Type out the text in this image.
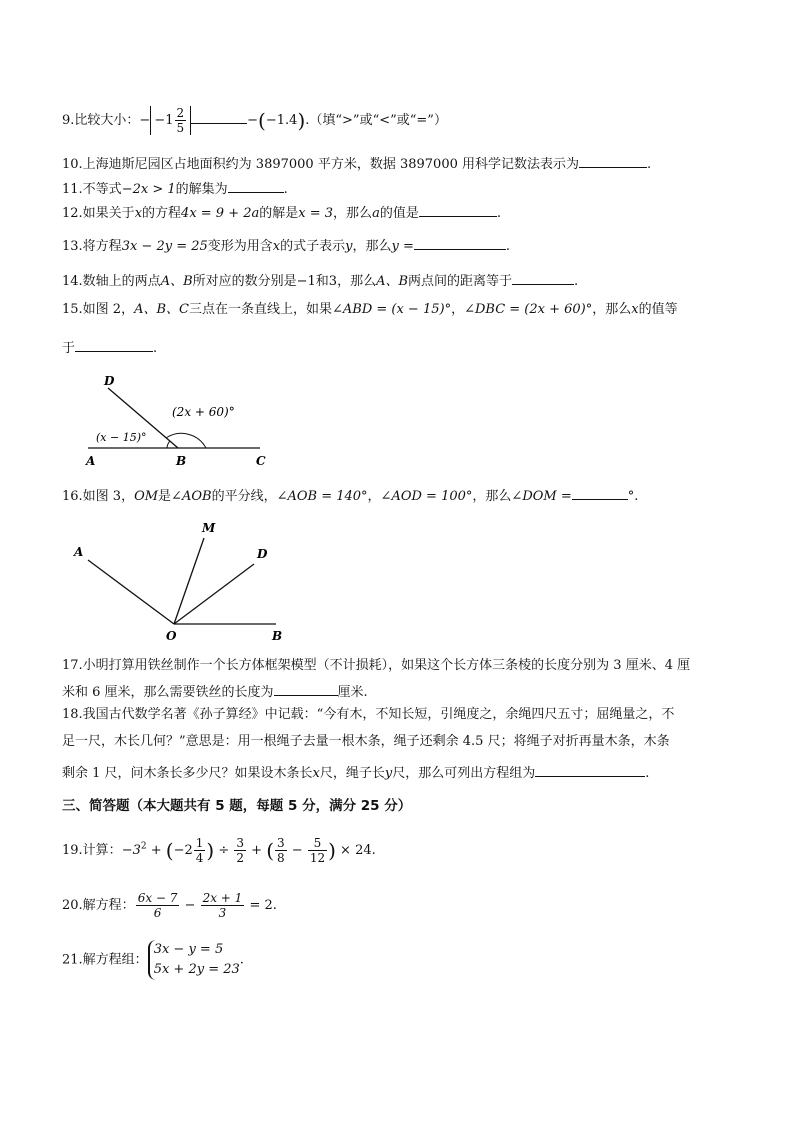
9.比较大小：− $-1 \frac{2}{5}$	−(−1.4).（填“>”或“<”或“=”）
10.上海迪斯尼园区占地面积约为 3897000 平方米，数据 3897000 用科学记数法表示为	.
11.不等式−2x > 1的解集为	.
12.如果关于x的方程4x = 9 + 2a的解是x = 3，那么a的值是	.
13.将方程3x − 2y = 25变形为用含x的式子表示y，那么y =	.
14.数轴上的两点A、B所对应的数分别是−1和3，那么A、B两点间的距离等于	.
15.如图 2，A、B、C三点在一条直线上，如果∠ABD = (x − 15)°，∠DBC = (2x + 60)°，那么x的值等
于	.
D
A	B	C
(2x + 60)°
(x − 15)°
16.如图 3，OM是∠AOB的平分线，∠AOB = 140°，∠AOD = 100°，那么∠DOM =	°.
A
M
D
O	B
17.小明打算用铁丝制作一个长方体框架模型（不计损耗），如果这个长方体三条棱的长度分别为 3 厘米、4 厘
米和 6 厘米，那么需要铁丝的长度为	厘米.
18.我国古代数学名著《孙子算经》中记载：“今有木，不知长短，引绳度之，余绳四尺五寸；屈绳量之，不
足一尺，木长几何？”意思是：用一根绳子去量一根木条，绳子还剩余 4.5 尺；将绳子对折再量木条，木条
剩余 1 尺，问木条长多少尺？如果设木条长x尺，绳子长y尺，那么可列出方程组为	.
三、简答题（本大题共有 5 题，每题 5 分，满分 25 分）
19.计算：$-3^2 + (-2 \frac{1}{4}$ ) ÷ $\frac{3}{2}$ + ( $\frac{3}{8} - \frac{5}{12}$ ) × 24.
20.解方程： $\frac{6x - 7}{6} - \frac{2x + 1}{3} = 2$.
21.解方程组：
3x − y = 5
5x + 2y = 23
.
